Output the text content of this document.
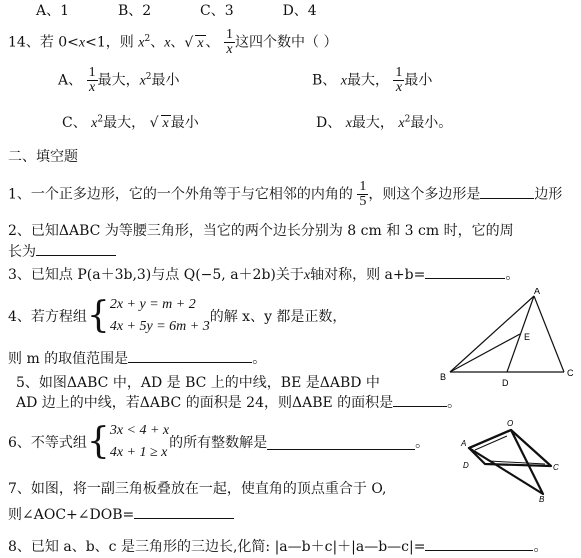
A、1	B、2	C、3	D、4
14、若 0<x<1，则 $x^2$、x、√ x 、 $\frac{1}{x}$ 这四个数中（ ）
A、 $\frac{1}{x}$ 最大，$x^2$最小	B、 x最大， $\frac{1}{x}$ 最小
C、 $x^2$最大， √ x 最小	D、 x最大， $x^2$最小。
二、填空题
1、一个正多边形，它的一个外角等于与它相邻的内角的 $\frac{1}{5}$ ，则这个多边形是	边形
2、已知ΔABC 为等腰三角形，当它的两个边长分别为 8 cm 和 3 cm 时，它的周
长为
3、已知点 P(a＋3b,3)与点 Q(−5, a＋2b)关于x轴对称，则 a+b=	。
4、若方程组{ 2x + y = m + 2
4x + 5y = 6m + 3
的解 x、y 都是正数，
则 m 的取值范围是	。
5、如图ΔABC 中，AD 是 BC 上的中线，BE 是ΔABD 中
AD 边上的中线，若ΔABC 的面积是 24，则ΔABE 的面积是	。
6、不等式组{ 3x < 4 + x
4x + 1 ≥ x
的所有整数解是	。
7、如图，将一副三角板叠放在一起，使直角的顶点重合于 O,
则∠AOC+∠DOB=
8、已知 a、b、c 是三角形的三边长,化简: |a—b＋c|＋|a—b—c|=	。
A
B	C
D
E
O
A
D	C
B
